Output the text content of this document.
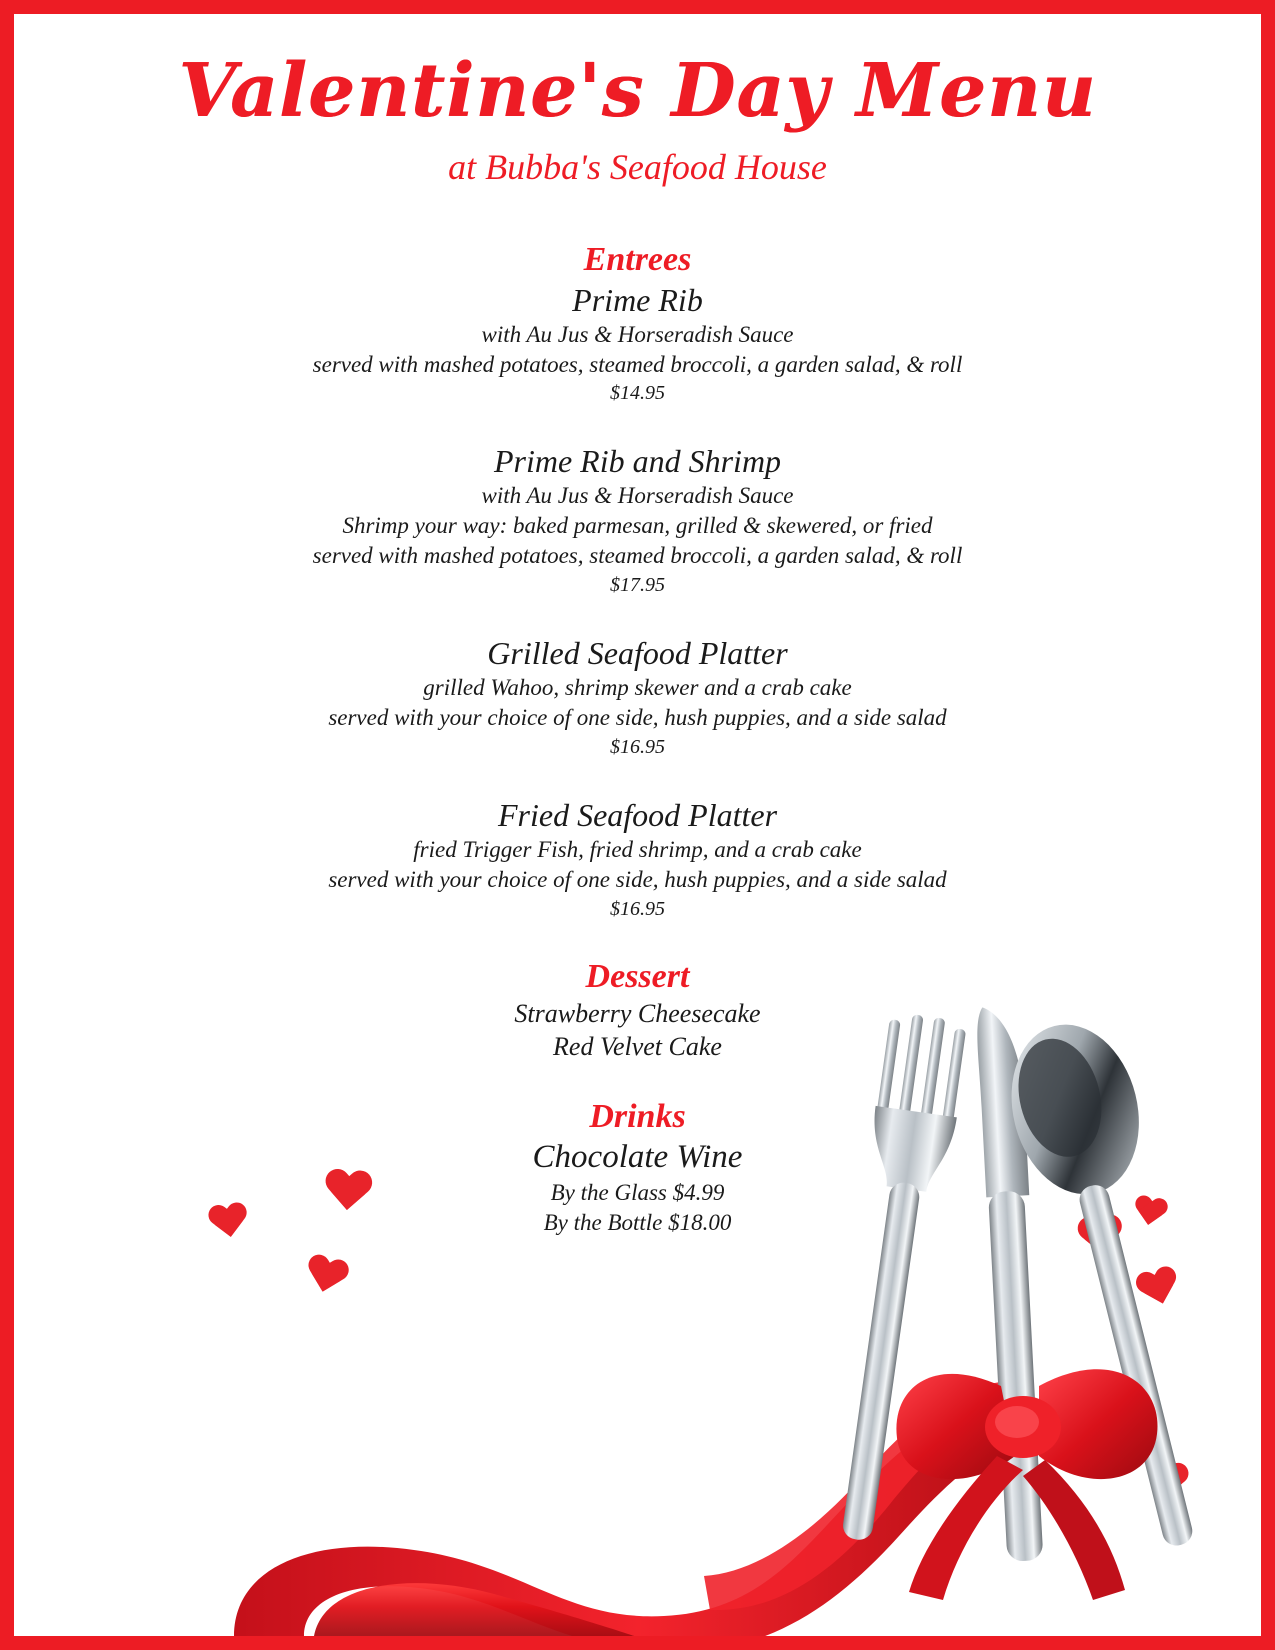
Valentine's Day Menu
at Bubba's Seafood House
Entrees

Prime Rib

with Au Jus & Horseradish Sauce

served with mashed potatoes, steamed broccoli, a garden salad, & roll

$14.95

Prime Rib and Shrimp

with Au Jus & Horseradish Sauce

Shrimp your way: baked parmesan, grilled & skewered, or fried

served with mashed potatoes, steamed broccoli, a garden salad, & roll

$17.95

Grilled Seafood Platter

grilled Wahoo, shrimp skewer and a crab cake

served with your choice of one side, hush puppies, and a side salad

$16.95

Fried Seafood Platter

fried Trigger Fish, fried shrimp, and a crab cake

served with your choice of one side, hush puppies, and a side salad

$16.95

Dessert

Strawberry Cheesecake

Red Velvet Cake

Drinks

Chocolate Wine

By the Glass $4.99

By the Bottle $18.00
